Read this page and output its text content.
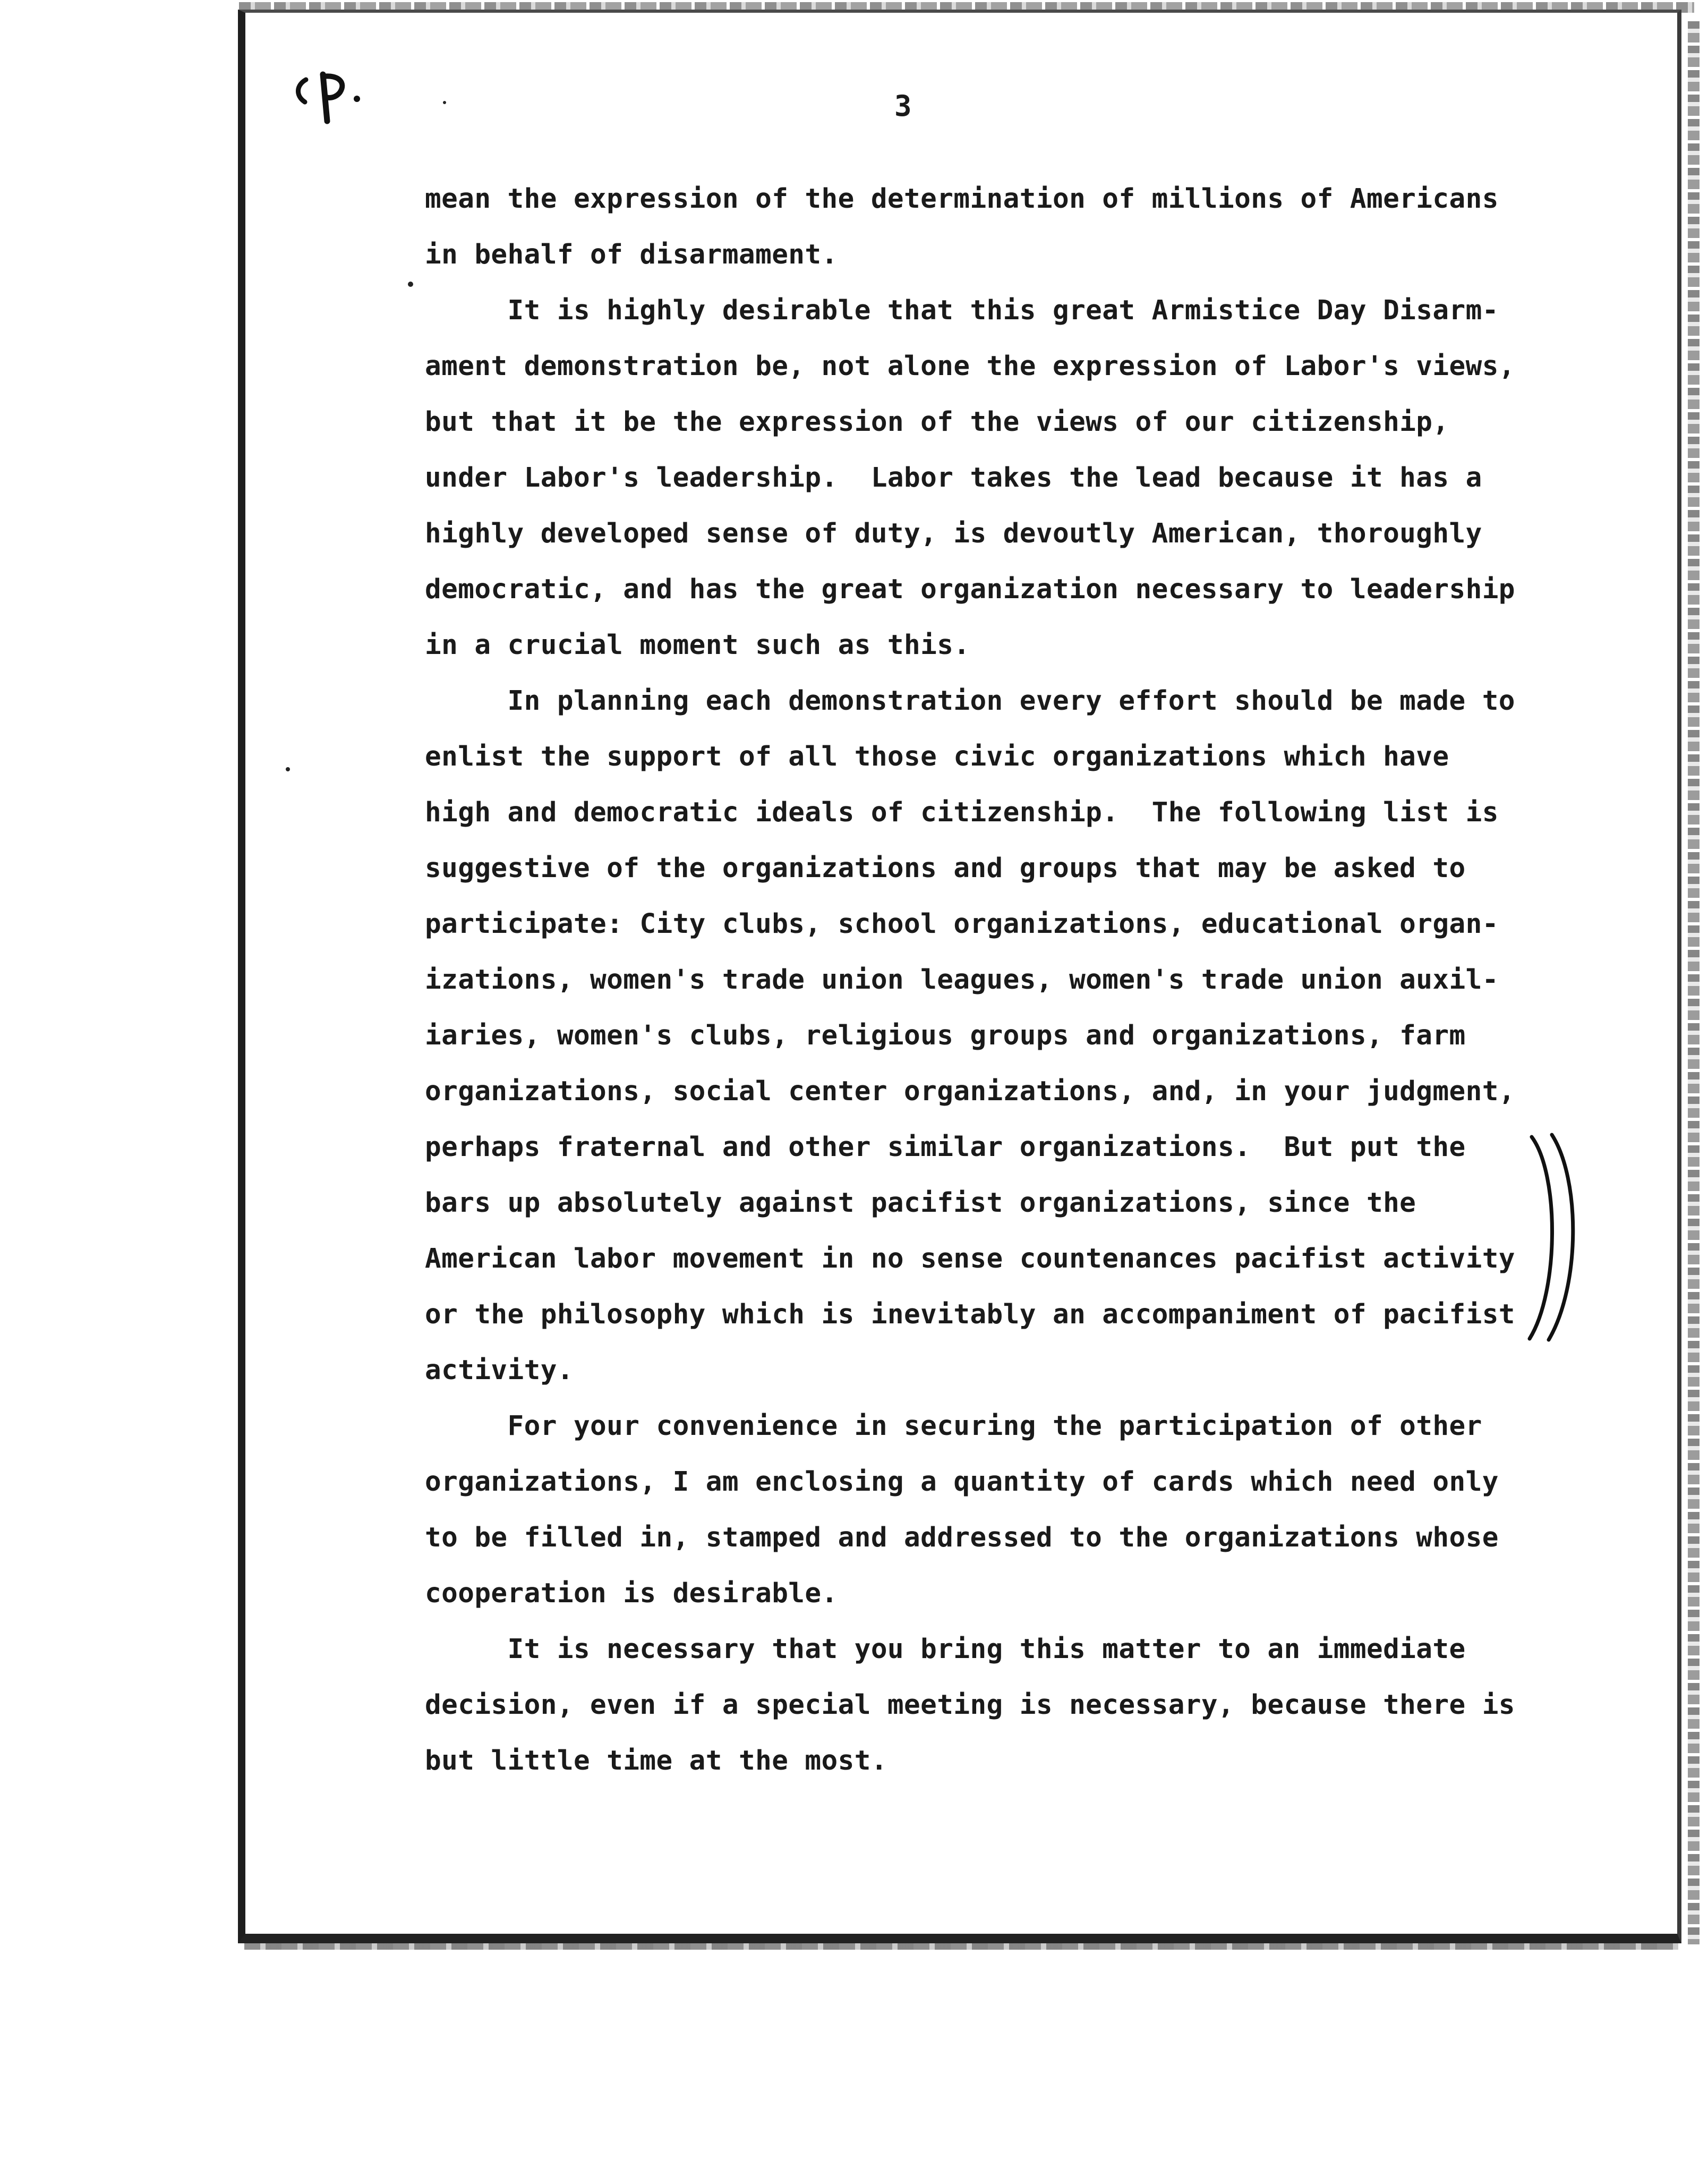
3
mean the expression of the determination of millions of Americans
in behalf of disarmament.
It is highly desirable that this great Armistice Day Disarm-
ament demonstration be, not alone the expression of Labor's views,
but that it be the expression of the views of our citizenship,
under Labor's leadership.  Labor takes the lead because it has a
highly developed sense of duty, is devoutly American, thoroughly
democratic, and has the great organization necessary to leadership
in a crucial moment such as this.
In planning each demonstration every effort should be made to
enlist the support of all those civic organizations which have
high and democratic ideals of citizenship.  The following list is
suggestive of the organizations and groups that may be asked to
participate: City clubs, school organizations, educational organ-
izations, women's trade union leagues, women's trade union auxil-
iaries, women's clubs, religious groups and organizations, farm
organizations, social center organizations, and, in your judgment,
perhaps fraternal and other similar organizations.  But put the
bars up absolutely against pacifist organizations, since the
American labor movement in no sense countenances pacifist activity
or the philosophy which is inevitably an accompaniment of pacifist
activity.
For your convenience in securing the participation of other
organizations, I am enclosing a quantity of cards which need only
to be filled in, stamped and addressed to the organizations whose
cooperation is desirable.
It is necessary that you bring this matter to an immediate
decision, even if a special meeting is necessary, because there is
but little time at the most.
